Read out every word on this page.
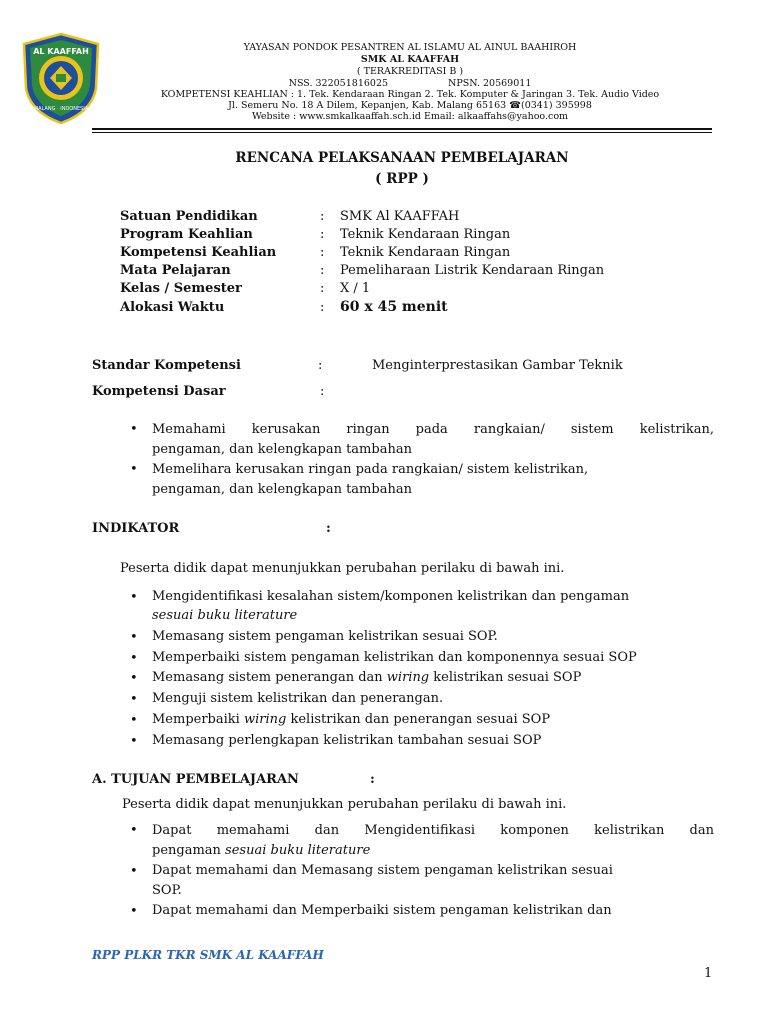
AL KAAFFAH
MALANG · INDONESIA
YAYASAN PONDOK PESANTREN AL ISLAMU AL AINUL BAAHIROH
SMK AL KAAFFAH
( TERAKREDITASI B )
NSS. 322051816025	NPSN. 20569011
KOMPETENSI KEAHLIAN : 1. Tek. Kendaraan Ringan 2. Tek. Komputer & Jaringan 3. Tek. Audio Video
Jl. Semeru No. 18 A Dilem, Kepanjen, Kab. Malang 65163 ☎(0341) 395998
Website : www.smkalkaaffah.sch.id Email: alkaaffahs@yahoo.com
RENCANA PELAKSANAAN PEMBELAJARAN
( RPP )
Satuan Pendidikan	: SMK Al KAAFFAH
Program Keahlian	: Teknik Kendaraan Ringan
Kompetensi Keahlian	: Teknik Kendaraan Ringan
Mata Pelajaran	: Pemeliharaan Listrik Kendaraan Ringan
Kelas / Semester	: X / 1
Alokasi Waktu	: 60 x 45 menit
Standar Kompetensi	:	Menginterprestasikan Gambar Teknik
Kompetensi Dasar	:
• Memahami kerusakan ringan pada rangkaian/ sistem kelistrikan,
pengaman, dan kelengkapan tambahan
• Memelihara kerusakan ringan pada rangkaian/ sistem kelistrikan,
pengaman, dan kelengkapan tambahan
INDIKATOR	:
Peserta didik dapat menunjukkan perubahan perilaku di bawah ini.
• Mengidentifikasi kesalahan sistem/komponen kelistrikan dan pengaman
sesuai buku literature
• Memasang sistem pengaman kelistrikan sesuai SOP.
• Memperbaiki sistem pengaman kelistrikan dan komponennya sesuai SOP
• Memasang sistem penerangan dan wiring kelistrikan sesuai SOP
• Menguji sistem kelistrikan dan penerangan.
• Memperbaiki wiring kelistrikan dan penerangan sesuai SOP
• Memasang perlengkapan kelistrikan tambahan sesuai SOP
A. TUJUAN PEMBELAJARAN	:
Peserta didik dapat menunjukkan perubahan perilaku di bawah ini.
• Dapat memahami dan Mengidentifikasi komponen kelistrikan dan
pengaman sesuai buku literature
• Dapat memahami dan Memasang sistem pengaman kelistrikan sesuai
SOP.
• Dapat memahami dan Memperbaiki sistem pengaman kelistrikan dan
RPP PLKR TKR SMK AL KAAFFAH
1
